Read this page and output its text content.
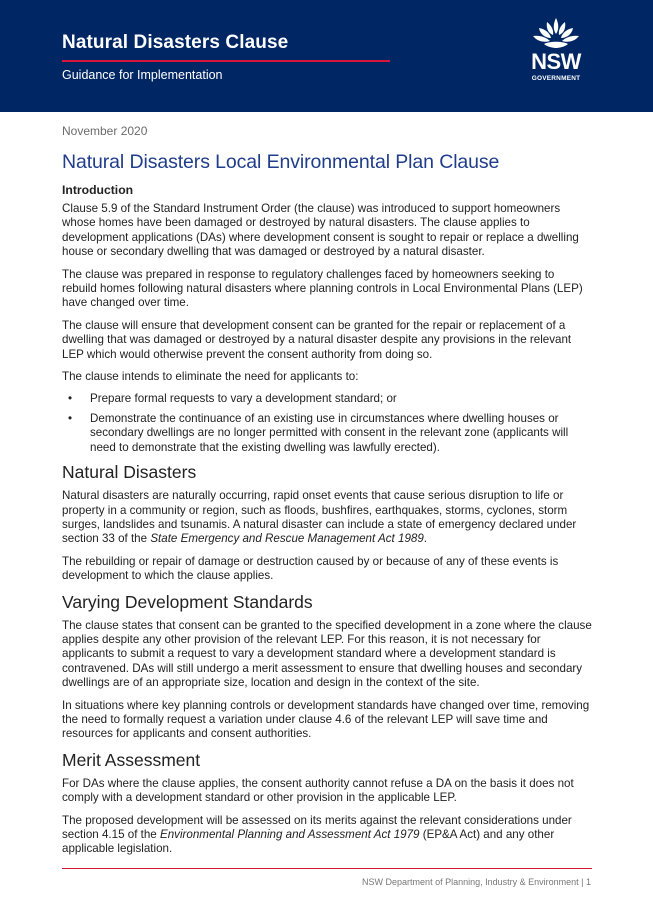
Natural Disasters Clause
Guidance for Implementation
NSW
GOVERNMENT
November 2020
Natural Disasters Local Environmental Plan Clause
Introduction

Clause 5.9 of the Standard Instrument Order (the clause) was introduced to support homeowners whose homes have been damaged or destroyed by natural disasters. The clause applies to development applications (DAs) where development consent is sought to repair or replace a dwelling house or secondary dwelling that was damaged or destroyed by a natural disaster.

The clause was prepared in response to regulatory challenges faced by homeowners seeking to rebuild homes following natural disasters where planning controls in Local Environmental Plans (LEP) have changed over time.

The clause will ensure that development consent can be granted for the repair or replacement of a dwelling that was damaged or destroyed by a natural disaster despite any provisions in the relevant LEP which would otherwise prevent the consent authority from doing so.

The clause intends to eliminate the need for applicants to:

• Prepare formal requests to vary a development standard; or
• Demonstrate the continuance of an existing use in circumstances where dwelling houses or secondary dwellings are no longer permitted with consent in the relevant zone (applicants will need to demonstrate that the existing dwelling was lawfully erected).
Natural Disasters

Natural disasters are naturally occurring, rapid onset events that cause serious disruption to life or property in a community or region, such as floods, bushfires, earthquakes, storms, cyclones, storm surges, landslides and tsunamis. A natural disaster can include a state of emergency declared under section 33 of the State Emergency and Rescue Management Act 1989.

The rebuilding or repair of damage or destruction caused by or because of any of these events is development to which the clause applies.

Varying Development Standards

The clause states that consent can be granted to the specified development in a zone where the clause applies despite any other provision of the relevant LEP. For this reason, it is not necessary for applicants to submit a request to vary a development standard where a development standard is contravened. DAs will still undergo a merit assessment to ensure that dwelling houses and secondary dwellings are of an appropriate size, location and design in the context of the site.

In situations where key planning controls or development standards have changed over time, removing the need to formally request a variation under clause 4.6 of the relevant LEP will save time and resources for applicants and consent authorities.

Merit Assessment

For DAs where the clause applies, the consent authority cannot refuse a DA on the basis it does not comply with a development standard or other provision in the applicable LEP.

The proposed development will be assessed on its merits against the relevant considerations under section 4.15 of the Environmental Planning and Assessment Act 1979 (EP&A Act) and any other applicable legislation.

NSW Department of Planning, Industry & Environment | 1
